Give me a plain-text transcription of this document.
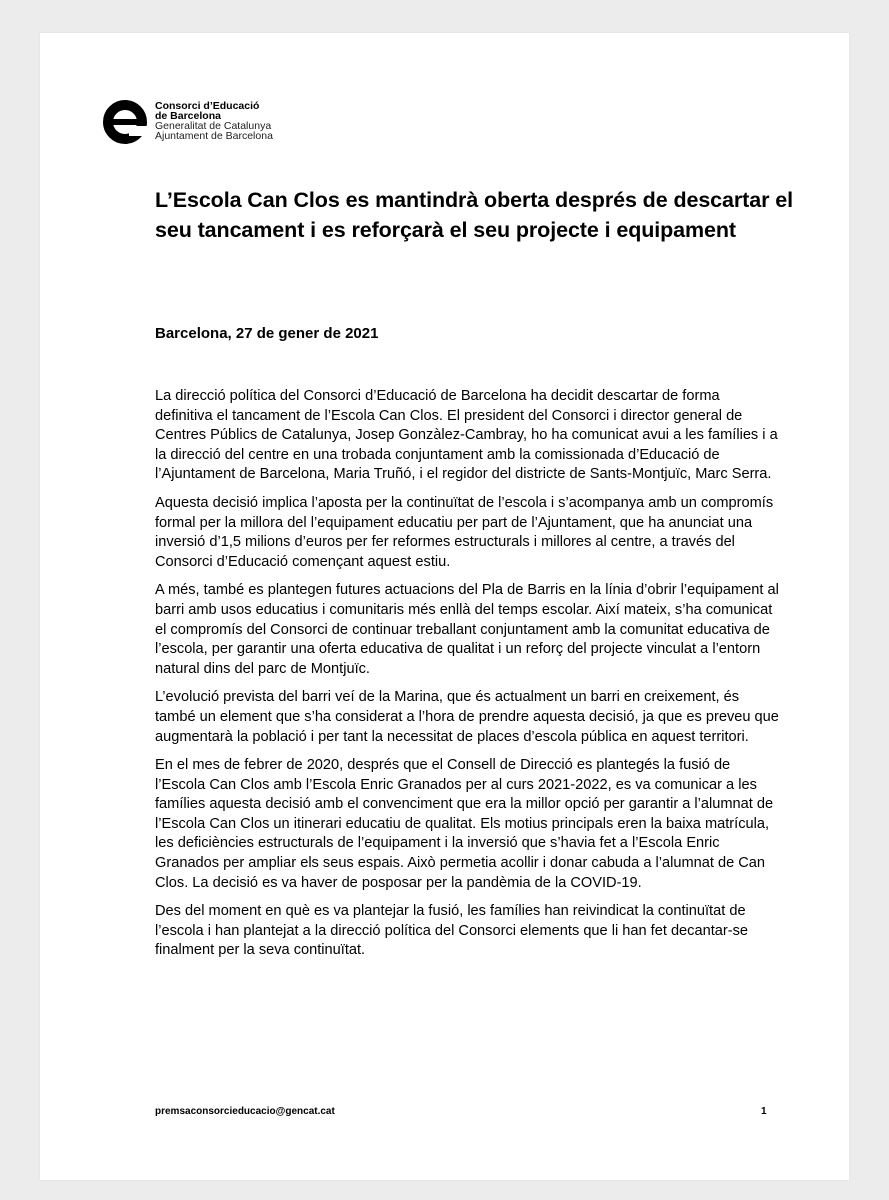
Consorci d’Educació
de Barcelona
Generalitat de Catalunya
Ajuntament de Barcelona
L’Escola Can Clos es mantindrà oberta després de descartar el seu tancament i es reforçarà el seu projecte i equipament

Barcelona, 27 de gener de 2021

La direcció política del Consorci d’Educació de Barcelona ha decidit descartar de forma definitiva el tancament de l’Escola Can Clos. El president del Consorci i director general de Centres Públics de Catalunya, Josep Gonzàlez-Cambray, ho ha comunicat avui a les famílies i a la direcció del centre en una trobada conjuntament amb la comissionada d’Educació de l’Ajuntament de Barcelona, Maria Truñó, i el regidor del districte de Sants-Montjuïc, Marc Serra.

Aquesta decisió implica l’aposta per la continuïtat de l’escola i s’acompanya amb un compromís formal per la millora del l’equipament educatiu per part de l’Ajuntament, que ha anunciat una inversió d’1,5 milions d’euros per fer reformes estructurals i millores al centre, a través del Consorci d’Educació començant aquest estiu.

A més, també es plantegen futures actuacions del Pla de Barris en la línia d’obrir l’equipament al barri amb usos educatius i comunitaris més enllà del temps escolar. Així mateix, s’ha comunicat el compromís del Consorci de continuar treballant conjuntament amb la comunitat educativa de l’escola, per garantir una oferta educativa de qualitat i un reforç del projecte vinculat a l’entorn natural dins del parc de Montjuïc.

L’evolució prevista del barri veí de la Marina, que és actualment un barri en creixement, és també un element que s’ha considerat a l’hora de prendre aquesta decisió, ja que es preveu que augmentarà la població i per tant la necessitat de places d’escola pública en aquest territori.

En el mes de febrer de 2020, després que el Consell de Direcció es plantegés la fusió de l’Escola Can Clos amb l’Escola Enric Granados per al curs 2021-2022, es va comunicar a les famílies aquesta decisió amb el convenciment que era la millor opció per garantir a l’alumnat de l’Escola Can Clos un itinerari educatiu de qualitat. Els motius principals eren la baixa matrícula, les deficiències estructurals de l’equipament i la inversió que s’havia fet a l’Escola Enric Granados per ampliar els seus espais. Això permetia acollir i donar cabuda a l’alumnat de Can Clos. La decisió es va haver de posposar per la pandèmia de la COVID-19.

Des del moment en què es va plantejar la fusió, les famílies han reivindicat la continuïtat de l’escola i han plantejat a la direcció política del Consorci elements que li han fet decantar-se finalment per la seva continuïtat.

premsaconsorcieducacio@gencat.cat	1
